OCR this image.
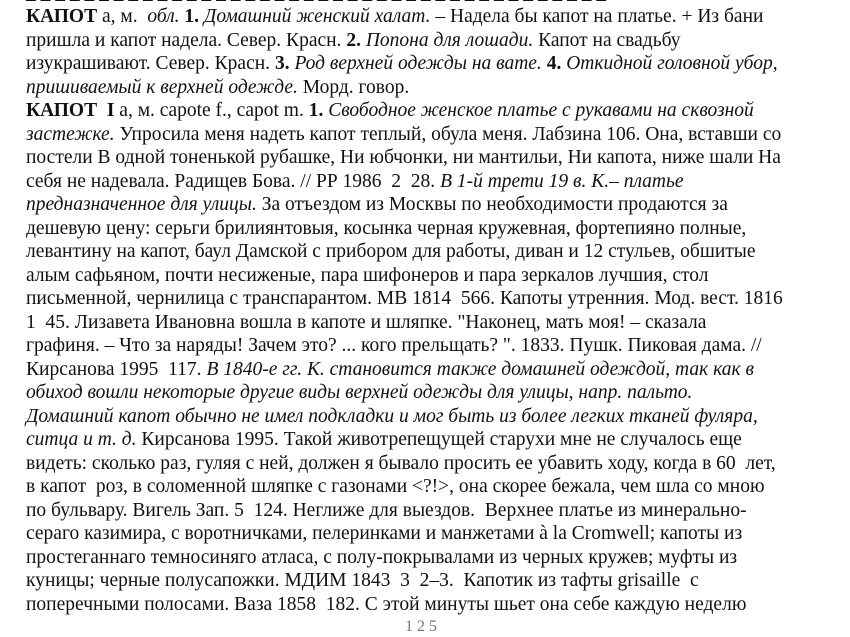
КАПОТ а, м.  обл. 1. Домашний женский халат. – Надела бы капот на платье. + Из бани
пришла и капот надела. Север. Красн. 2. Попона для лошади. Капот на свадьбу
изукрашивают. Север. Красн. 3. Род верхней одежды на вате. 4. Откидной головной убор,
пришиваемый к верхней одежде. Морд. говор.
КАПОТ  I а, м. capote f., capot m. 1. Свободное женское платье с рукавами на сквозной
застежке. Упросила меня надеть капот теплый, обула меня. Лабзина 106. Она, вставши со
постели В одной тоненькой рубашке, Ни юбчонки, ни мантильи, Ни капота, ниже шали На
себя не надевала. Радищев Бова. // РР 1986  2  28. В 1-й трети 19 в. К.– платье
предназначенное для улицы. За отъездом из Москвы по необходимости продаются за
дешевую цену: серьги брилиянтовыя, косынка черная кружевная, фортепияно полные,
левантину на капот, баул Дамской с прибором для работы, диван и 12 стульев, обшитые
алым сафьяном, почти несиженые, пара шифонеров и пара зеркалов лучшия, стол
письменной, чернилица с транспарантом. МВ 1814  566. Капоты утренния. Мод. вест. 1816
1  45. Лизавета Ивановна вошла в капоте и шляпке. "Наконец, мать моя! – сказала
графиня. – Что за наряды! Зачем это? ... кого прельщать? ". 1833. Пушк. Пиковая дама. //
Кирсанова 1995  117. В 1840-е гг. К. становится также домашней одеждой, так как в
обиход вошли некоторые другие виды верхней одежды для улицы, напр. пальто.
Домашний капот обычно не имел подкладки и мог быть из более легких тканей фуляра,
ситца и т. д. Кирсанова 1995. Такой животрепещущей старухи мне не случалось еще
видеть: сколько раз, гуляя с ней, должен я бывало просить ее убавить ходу, когда в 60  лет,
в капот  роз, в соломенной шляпке с газонами <?!>, она скорее бежала, чем шла со мною
по бульвару. Вигель Зап. 5  124. Неглиже для выездов.  Верхнее платье из минерально-
сераго казимира, с воротничками, пелеринками и манжетами à la Cromwell; капоты из
простеганнаго темносиняго атласа, с полу-покрывалами из черных кружев; муфты из
куницы; черные полусапожки. МДИМ 1843  3  2–3.  Капотик из тафты grisaille  с
поперечными полосами. Ваза 1858  182. С этой минуты шьет она себе каждую неделю
1 2 5
